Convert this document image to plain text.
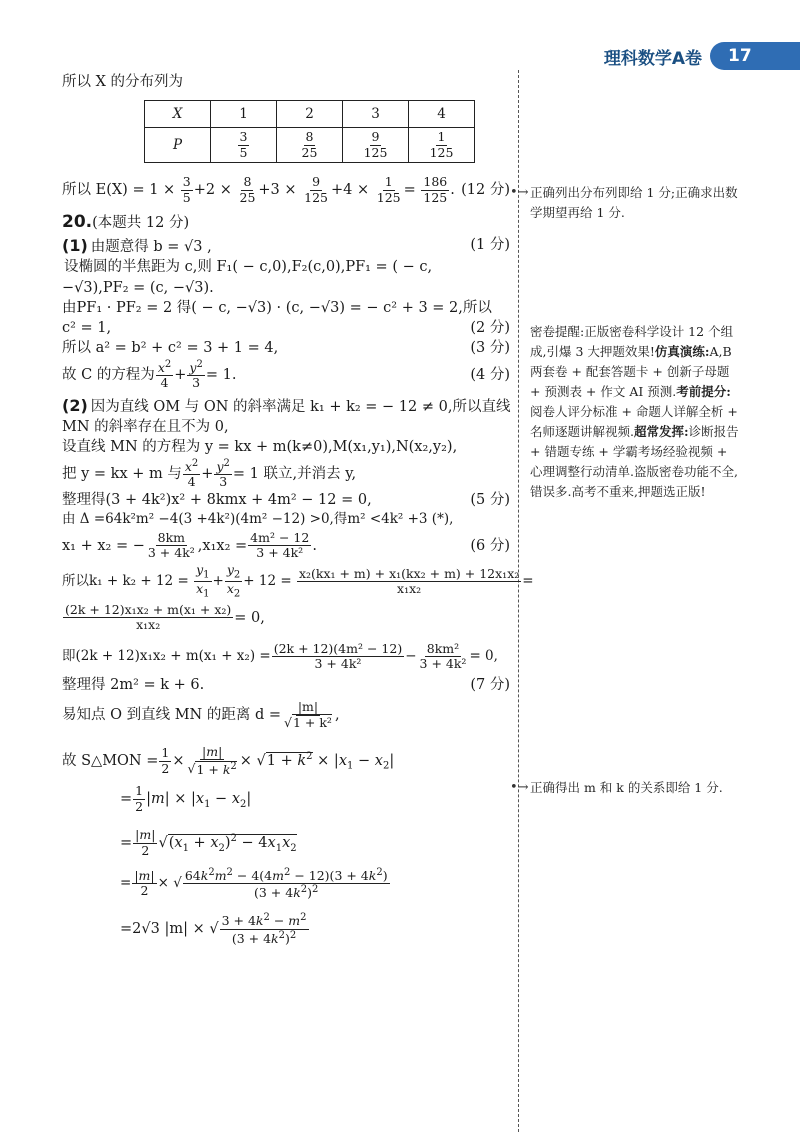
理科数学A卷	17
所以 X 的分布列为
X	1	2	3	4
P	$\frac{3}{5}$	$\frac{8}{25}$	$\frac{9}{125}$	$\frac{1}{125}$
所以 $E(X) = 1 \times \frac{3}{5} +2 \times \frac{8}{25} +3 \times \frac{9}{125} +4 \times \frac{1}{125} = \frac{186}{125}$ . (12 分)
20.(本题共 12 分)
(1) 由题意得 b = √3 ,	(1 分)
设椭圆的半焦距为 c,则 F₁( − c,0),F₂(c,0),PF₁ = ( − c,
−√3),PF₂ = (c, −√3).
由PF₁ · PF₂ = 2 得( − c, −√3) · (c, −√3) = − c² + 3 = 2,所以
c² = 1,	(2 分)
所以 a² = b² + c² = 3 + 1 = 4,	(3 分)
故 C 的方程为 $\frac{x^2}{4} + \frac{y^2}{3} = 1$.	(4 分)
(2) 因为直线 OM 与 ON 的斜率满足 k₁ + k₂ = − 12 ≠ 0,所以直线
MN 的斜率存在且不为 0,
设直线 MN 的方程为 y = kx + m(k≠0),M(x₁,y₁),N(x₂,y₂),
把 y = kx + m 与 $\frac{x^2}{4} + \frac{y^2}{3} = 1$ 联立,并消去 y,
整理得(3 + 4k²)x² + 8kmx + 4m² − 12 = 0,	(5 分)
由 Δ =64k²m² −4(3 +4k²)(4m² −12) >0,得m² <4k² +3 (*),
x₁ + x₂ = − $\frac{8km}{\text{3 + 4k²}} ,x_1x_2 = \frac{\text{4m² − 12}}{\text{3 + 4k²}}$ .	(6 分)
所以$k_1 + k_2 + 12 = \frac{y_1}{x_1} + \frac{y_2}{x_2} + 12 = \frac{\text{x₂(kx₁ + m) + x₁(kx₂ + m) + 12x₁x₂}}{\text{x₁x₂}}$ =
$\frac{\text{(2k + 12)x₁x₂ + m(x₁ + x₂)}}{\text{x₁x₂}} = 0$,
即$(2k + 12)x_1x_2 + m(x_1 + x_2) = \frac{\text{(2k + 12)(4m² − 12)}}{\text{3 + 4k²}} - \frac{\text{8km²}}{\text{3 + 4k²}} = 0$,
整理得 2m² = k + 6.	(7 分)
易知点 O 到直线 MN 的距离 $d = \frac{|m|}{\text{√1 + k²}}$ ,
故 S△MON = $\frac{1}{2} \times \frac{|m|}{√1 + k^2} \times √1 + k^2 \times |x_1 - x_2|$
= $\frac{1}{2} |m| \times |x_1 - x_2|$
= $\frac{|m|}{2} √(x_1 + x_2)^2 - 4x_1x_2$
= $\frac{|m|}{2}$ × √ $\frac{64k^2m^2 - 4(4m^2 - 12)(3 + 4k^2)}{(3 + 4k^2)^2}$
=2√3 |m| × √ $\frac{3 + 4k^2 - m^2}{(3 + 4k^2)^2}$
•→ 正确列出分布列即给 1 分;正确求出数学期望再给 1 分.
密卷提醒:正版密卷科学设计 12 个组成,引爆 3 大押题效果!仿真演练:A,B 两套卷 + 配套答题卡 + 创新子母题 + 预测表 + 作文 AI 预测.考前提分:阅卷人评分标准 + 命题人详解全析 + 名师逐题讲解视频.超常发挥:诊断报告 + 错题专练 + 学霸考场经验视频 + 心理调整行动清单.盗版密卷功能不全,错误多.高考不重来,押题选正版!
•→ 正确得出 m 和 k 的关系即给 1 分.
